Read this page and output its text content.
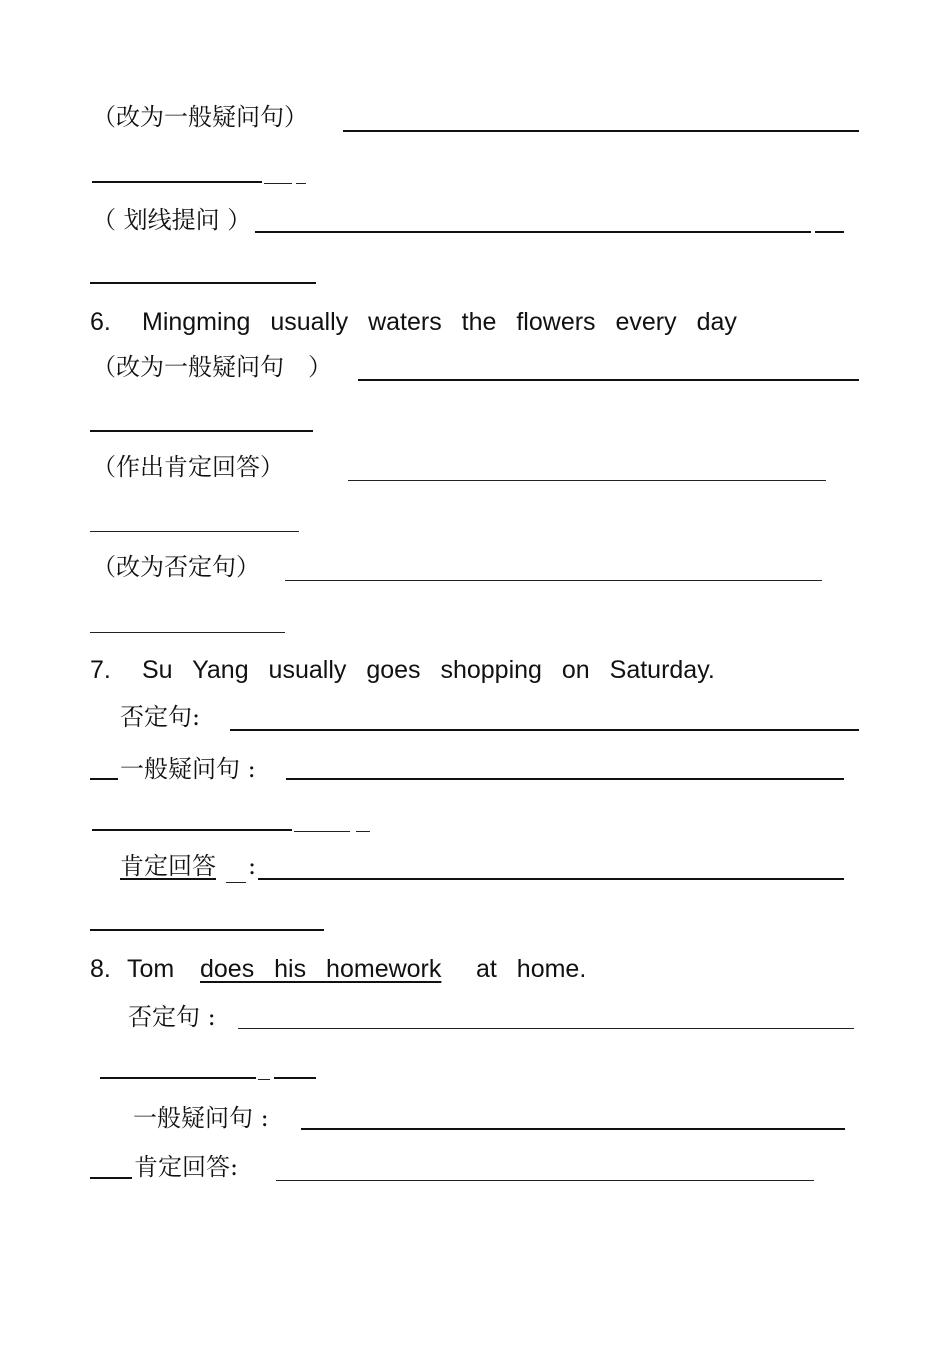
（改为一般疑问句）
（ 划线提问 ）
6. Mingming usually waters the flowers every day
（改为一般疑问句　）
（作出肯定回答）
（改为否定句）
7. Su Yang usually goes shopping on Saturday.
否定句:
一般疑问句 :
肯定回答 :
8. Tom does his homework at home.
否定句 :
一般疑问句 :
肯定回答:
